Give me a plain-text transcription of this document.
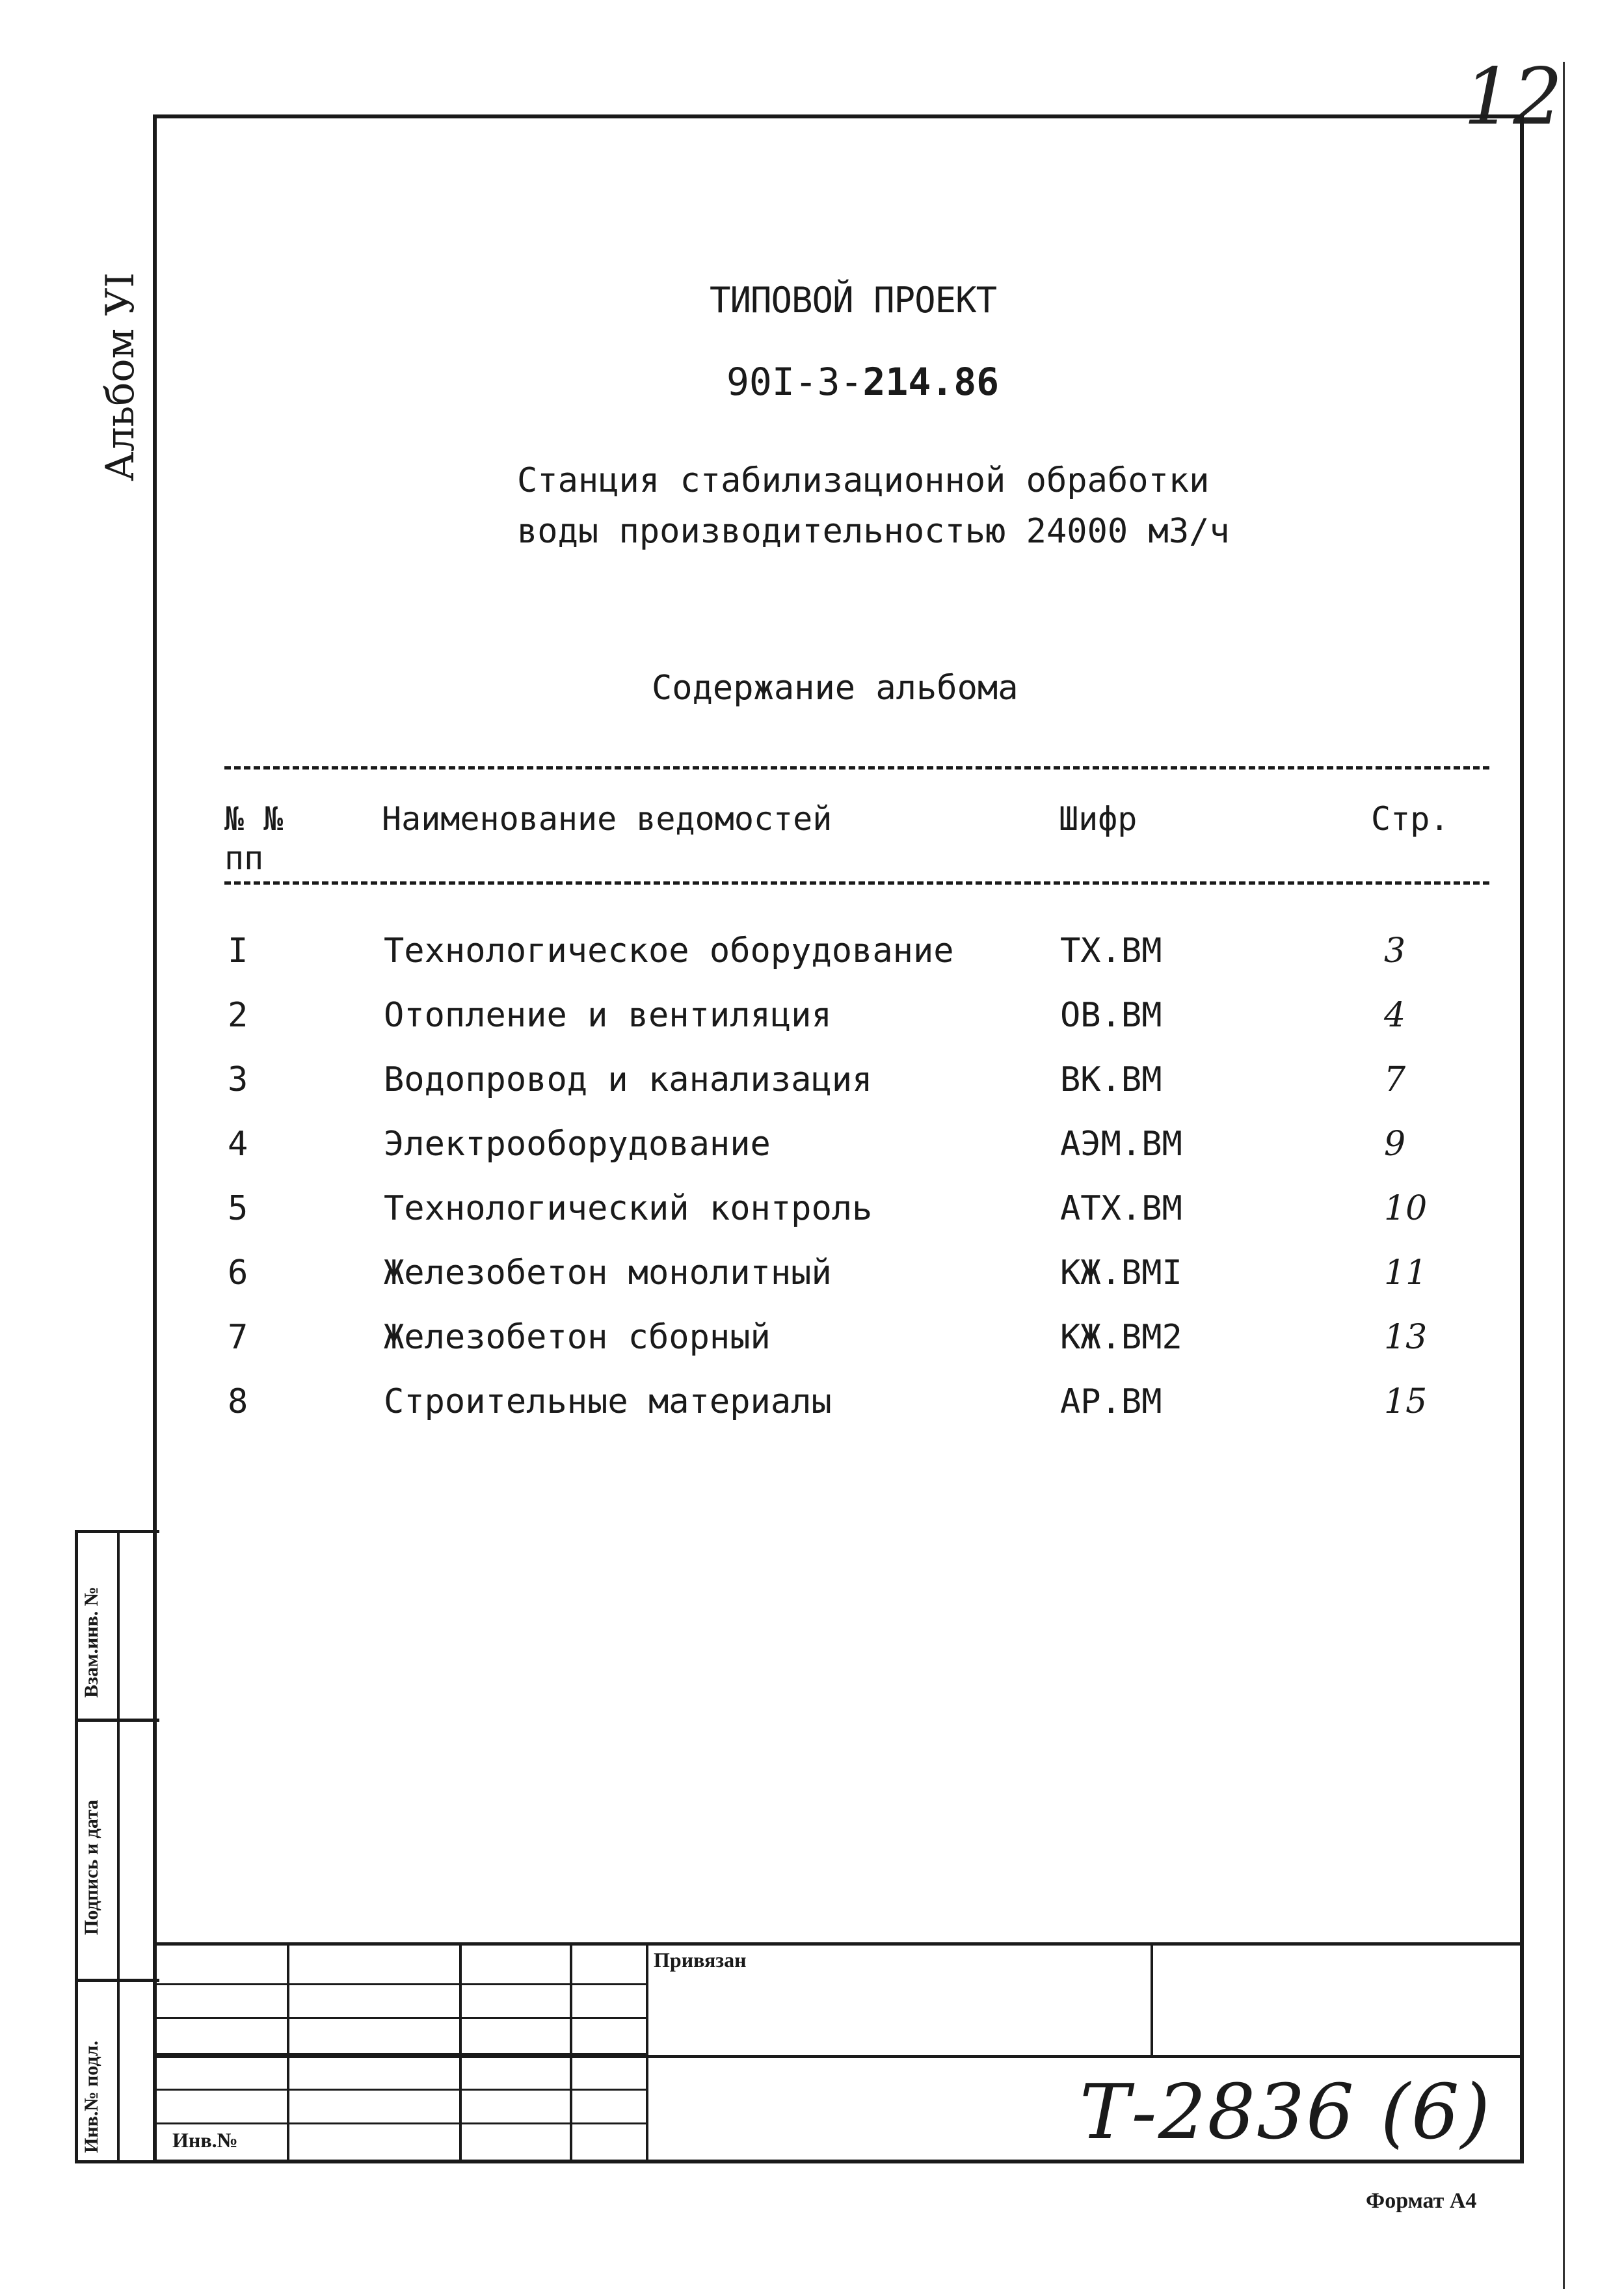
12
Альбом УI	ТИПОВОЙ ПРОЕКТ
90I-3-214.86
Станция стабилизационной обработки
воды производительностью 24000 м3/ч
Содержание альбома
№ №
пп
Наименование ведомостей	Шифр	Стр.
I	Технологическое оборудование	ТХ.ВМ	3
2	Отопление и вентиляция	ОВ.ВМ	4
3	Водопровод и канализация	ВК.ВМ	7
4	Электрооборудование	АЭМ.ВМ	9
5	Технологический контроль	АТХ.ВМ	10
6	Железобетон монолитный	КЖ.ВМI	11
7	Железобетон сборный	КЖ.ВМ2	13
8	Строительные материалы	АР.ВМ	15
Взам.инв. №
Подпись и дата
Инв.№ подл.
Привязан
Инв.№	Т-2836 (6)
Формат А4
